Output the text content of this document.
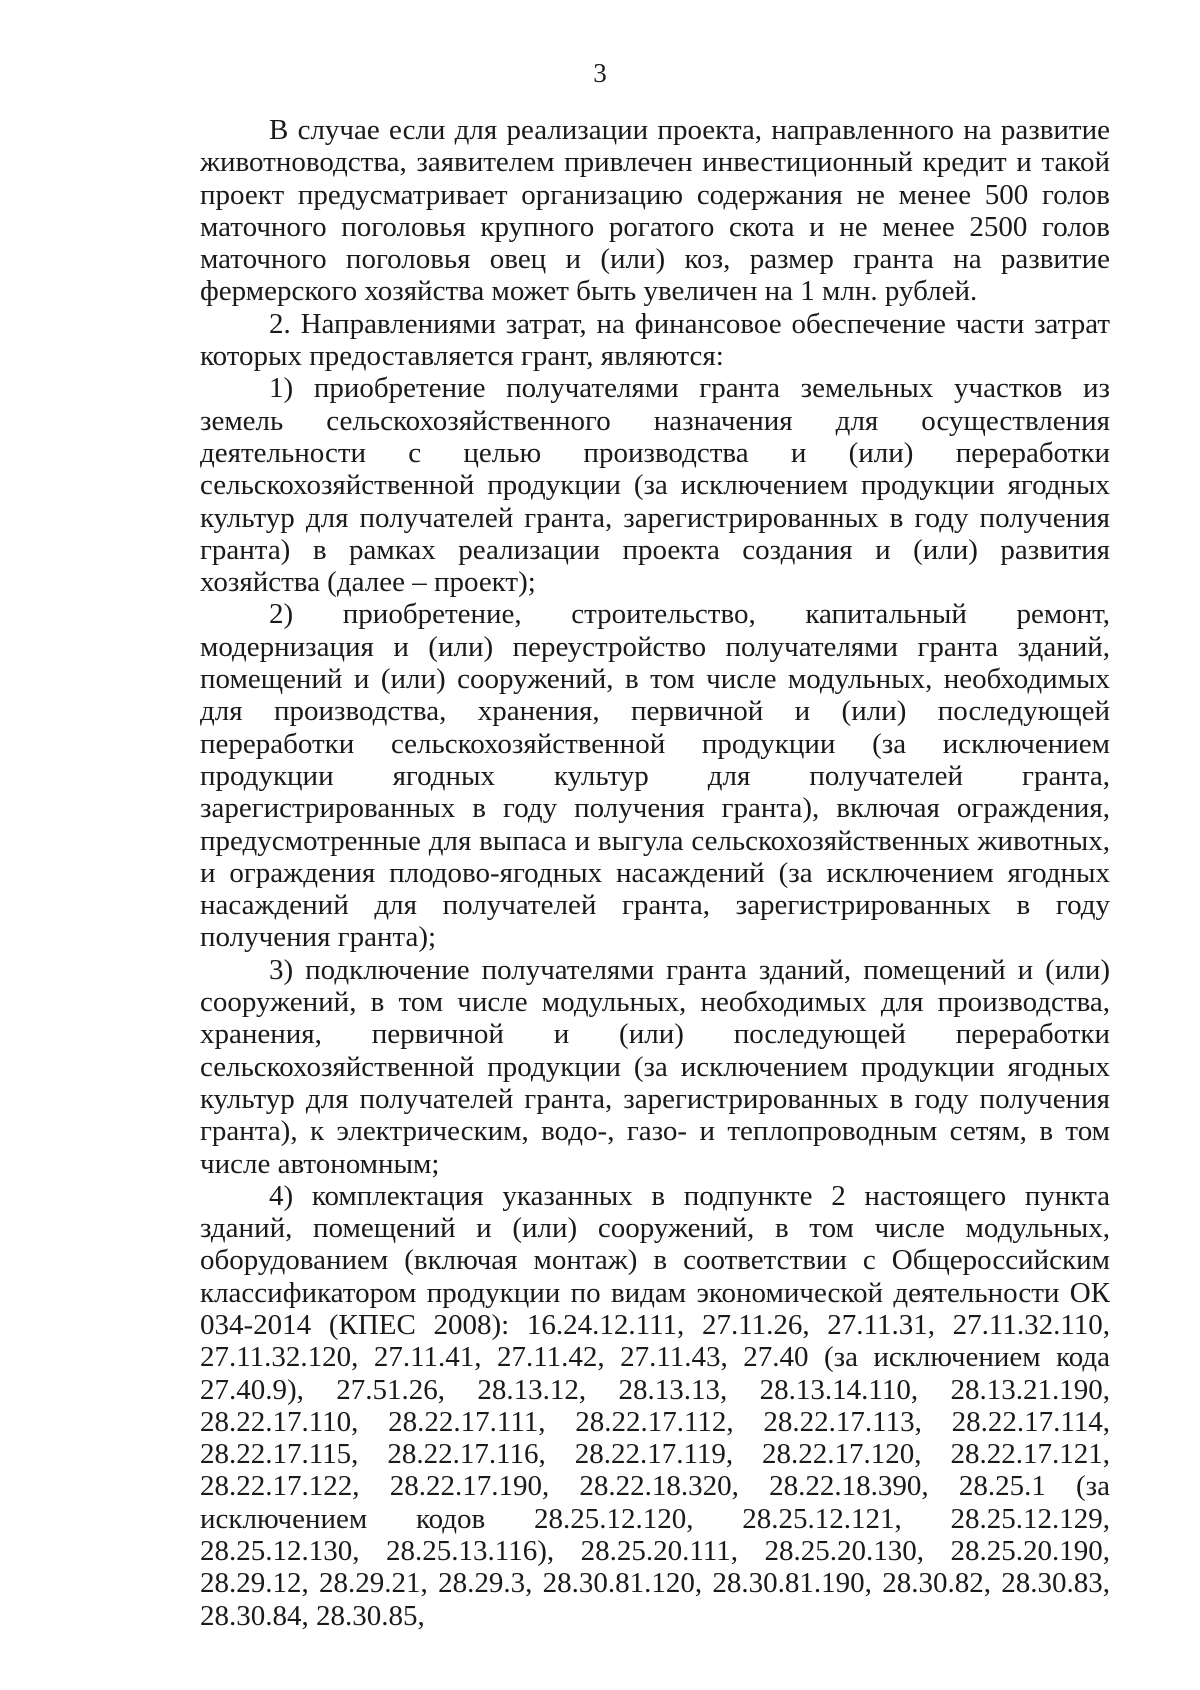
3

В случае если для реализации проекта, направленного на развитие животноводства, заявителем привлечен инвестиционный кредит и такой проект предусматривает организацию содержания не менее 500 голов маточного поголовья крупного рогатого скота и не менее 2500 голов маточного поголовья овец и (или) коз, размер гранта на развитие фермерского хозяйства может быть увеличен на 1 млн. рублей.

2. Направлениями затрат, на финансовое обеспечение части затрат которых предоставляется грант, являются:

1) приобретение получателями гранта земельных участков из земель сельскохозяйственного назначения для осуществления деятельности с целью производства и (или) переработки сельскохозяйственной продукции (за исключением продукции ягодных культур для получателей гранта, зарегистрированных в году получения гранта) в рамках реализации проекта создания и (или) развития хозяйства (далее – проект);

2) приобретение, строительство, капитальный ремонт, модернизация и (или) переустройство получателями гранта зданий, помещений и (или) сооружений, в том числе модульных, необходимых для производства, хранения, первичной и (или) последующей переработки сельскохозяйственной продукции (за исключением продукции ягодных культур для получателей гранта, зарегистрированных в году получения гранта), включая ограждения, предусмотренные для выпаса и выгула сельскохозяйственных животных, и ограждения плодово-ягодных насаждений (за исключением ягодных насаждений для получателей гранта, зарегистрированных в году получения гранта);

3) подключение получателями гранта зданий, помещений и (или) сооружений, в том числе модульных, необходимых для производства, хранения, первичной и (или) последующей переработки сельскохозяйственной продукции (за исключением продукции ягодных культур для получателей гранта, зарегистрированных в году получения гранта), к электрическим, водо-, газо- и теплопроводным сетям, в том числе автономным;

4) комплектация указанных в подпункте 2 настоящего пункта зданий, помещений и (или) сооружений, в том числе модульных, оборудованием (включая монтаж) в соответствии с Общероссийским классификатором продукции по видам экономической деятельности ОК 034-2014 (КПЕС 2008): 16.24.12.111, 27.11.26, 27.11.31, 27.11.32.110, 27.11.32.120, 27.11.41, 27.11.42, 27.11.43, 27.40 (за исключением кода 27.40.9), 27.51.26, 28.13.12, 28.13.13, 28.13.14.110, 28.13.21.190, 28.22.17.110, 28.22.17.111, 28.22.17.112, 28.22.17.113, 28.22.17.114, 28.22.17.115, 28.22.17.116, 28.22.17.119, 28.22.17.120, 28.22.17.121, 28.22.17.122, 28.22.17.190, 28.22.18.320, 28.22.18.390, 28.25.1 (за исключением кодов 28.25.12.120, 28.25.12.121, 28.25.12.129, 28.25.12.130, 28.25.13.116), 28.25.20.111, 28.25.20.130, 28.25.20.190, 28.29.12, 28.29.21, 28.29.3, 28.30.81.120, 28.30.81.190, 28.30.82, 28.30.83, 28.30.84, 28.30.85,
